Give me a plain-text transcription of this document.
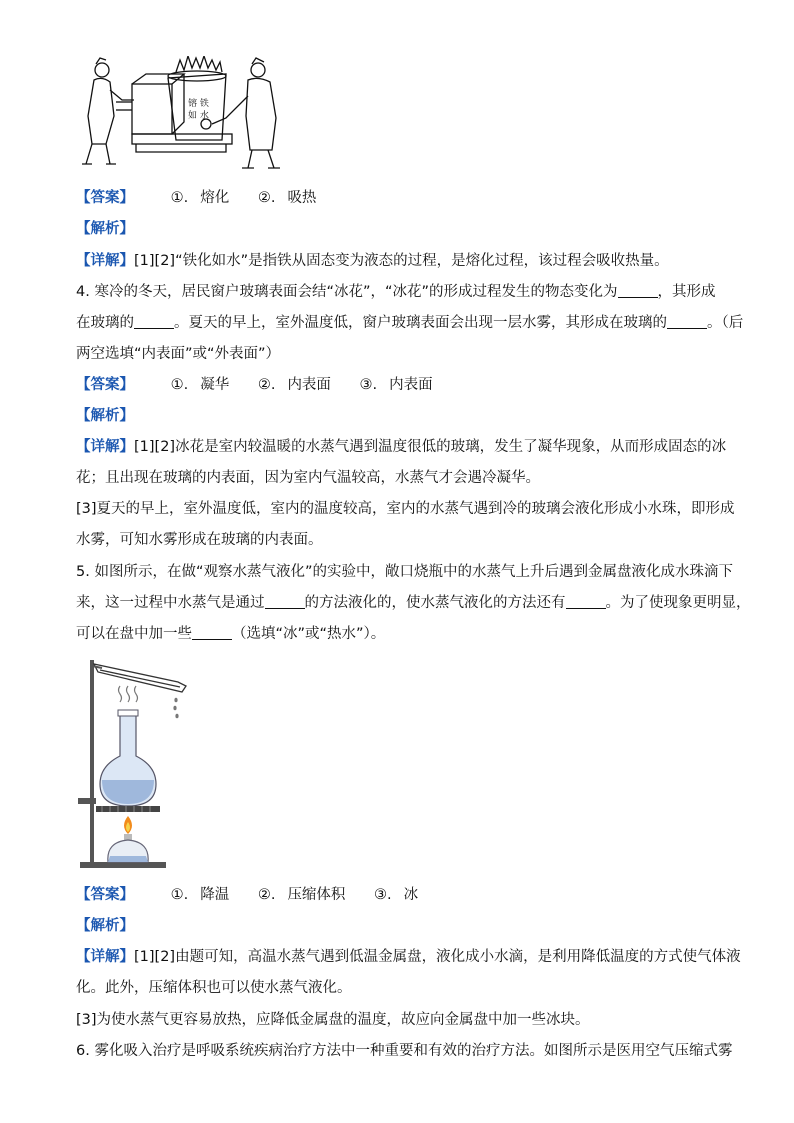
镕 铁
如 水
【答案】	①. 熔化 ②. 吸热
【解析】
【详解】[1][2]“铁化如水”是指铁从固态变为液态的过程，是熔化过程，该过程会吸收热量。
4. 寒冷的冬天，居民窗户玻璃表面会结“冰花”，“冰花”的形成过程发生的物态变化为	，其形成
在玻璃的	。夏天的早上，室外温度低，窗户玻璃表面会出现一层水雾，其形成在玻璃的	。（后
两空选填“内表面”或“外表面”）
【答案】	①. 凝华 ②. 内表面 ③. 内表面
【解析】
【详解】[1][2]冰花是室内较温暖的水蒸气遇到温度很低的玻璃，发生了凝华现象，从而形成固态的冰
花；且出现在玻璃的内表面，因为室内气温较高，水蒸气才会遇冷凝华。
[3]夏天的早上，室外温度低，室内的温度较高，室内的水蒸气遇到冷的玻璃会液化形成小水珠，即形成
水雾，可知水雾形成在玻璃的内表面。
5. 如图所示，在做“观察水蒸气液化”的实验中，敞口烧瓶中的水蒸气上升后遇到金属盘液化成水珠滴下
来，这一过程中水蒸气是通过	的方法液化的，使水蒸气液化的方法还有	。为了使现象更明显，
可以在盘中加一些	（选填“冰”或“热水”）。
【答案】	①. 降温 ②. 压缩体积 ③. 冰
【解析】
【详解】[1][2]由题可知，高温水蒸气遇到低温金属盘，液化成小水滴，是利用降低温度的方式使气体液
化。此外，压缩体积也可以使水蒸气液化。
[3]为使水蒸气更容易放热，应降低金属盘的温度，故应向金属盘中加一些冰块。
6. 雾化吸入治疗是呼吸系统疾病治疗方法中一种重要和有效的治疗方法。如图所示是医用空气压缩式雾
